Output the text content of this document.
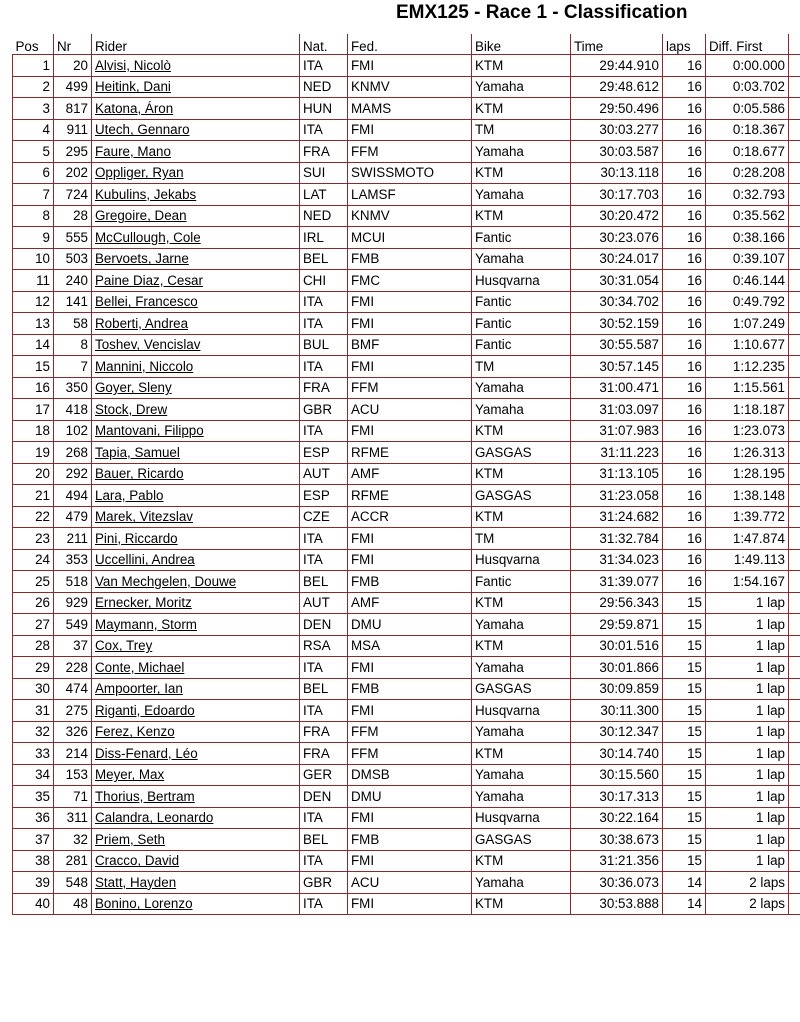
EMX125 - Race 1 - Classification
Pos	Nr	Rider	Nat.	Fed.	Bike	Time	laps	Diff. First	
1	20	Alvisi, Nicolò	ITA	FMI	KTM	29:44.910	16	0:00.000	
2	499	Heitink, Dani	NED	KNMV	Yamaha	29:48.612	16	0:03.702	
3	817	Katona, Áron	HUN	MAMS	KTM	29:50.496	16	0:05.586	
4	911	Utech, Gennaro	ITA	FMI	TM	30:03.277	16	0:18.367	
5	295	Faure, Mano	FRA	FFM	Yamaha	30:03.587	16	0:18.677	
6	202	Oppliger, Ryan	SUI	SWISSMOTO	KTM	30:13.118	16	0:28.208	
7	724	Kubulins, Jekabs	LAT	LAMSF	Yamaha	30:17.703	16	0:32.793	
8	28	Gregoire, Dean	NED	KNMV	KTM	30:20.472	16	0:35.562	
9	555	McCullough, Cole	IRL	MCUI	Fantic	30:23.076	16	0:38.166	
10	503	Bervoets, Jarne	BEL	FMB	Yamaha	30:24.017	16	0:39.107	
11	240	Paine Diaz, Cesar	CHI	FMC	Husqvarna	30:31.054	16	0:46.144	
12	141	Bellei, Francesco	ITA	FMI	Fantic	30:34.702	16	0:49.792	
13	58	Roberti, Andrea	ITA	FMI	Fantic	30:52.159	16	1:07.249	
14	8	Toshev, Vencislav	BUL	BMF	Fantic	30:55.587	16	1:10.677	
15	7	Mannini, Niccolo	ITA	FMI	TM	30:57.145	16	1:12.235	
16	350	Goyer, Sleny	FRA	FFM	Yamaha	31:00.471	16	1:15.561	
17	418	Stock, Drew	GBR	ACU	Yamaha	31:03.097	16	1:18.187	
18	102	Mantovani, Filippo	ITA	FMI	KTM	31:07.983	16	1:23.073	
19	268	Tapia, Samuel	ESP	RFME	GASGAS	31:11.223	16	1:26.313	
20	292	Bauer, Ricardo	AUT	AMF	KTM	31:13.105	16	1:28.195	
21	494	Lara, Pablo	ESP	RFME	GASGAS	31:23.058	16	1:38.148	
22	479	Marek, Vitezslav	CZE	ACCR	KTM	31:24.682	16	1:39.772	
23	211	Pini, Riccardo	ITA	FMI	TM	31:32.784	16	1:47.874	
24	353	Uccellini, Andrea	ITA	FMI	Husqvarna	31:34.023	16	1:49.113	
25	518	Van Mechgelen, Douwe	BEL	FMB	Fantic	31:39.077	16	1:54.167	
26	929	Ernecker, Moritz	AUT	AMF	KTM	29:56.343	15	1 lap	
27	549	Maymann, Storm	DEN	DMU	Yamaha	29:59.871	15	1 lap	
28	37	Cox, Trey	RSA	MSA	KTM	30:01.516	15	1 lap	
29	228	Conte, Michael	ITA	FMI	Yamaha	30:01.866	15	1 lap	
30	474	Ampoorter, Ian	BEL	FMB	GASGAS	30:09.859	15	1 lap	
31	275	Riganti, Edoardo	ITA	FMI	Husqvarna	30:11.300	15	1 lap	
32	326	Ferez, Kenzo	FRA	FFM	Yamaha	30:12.347	15	1 lap	
33	214	Diss-Fenard, Léo	FRA	FFM	KTM	30:14.740	15	1 lap	
34	153	Meyer, Max	GER	DMSB	Yamaha	30:15.560	15	1 lap	
35	71	Thorius, Bertram	DEN	DMU	Yamaha	30:17.313	15	1 lap	
36	311	Calandra, Leonardo	ITA	FMI	Husqvarna	30:22.164	15	1 lap	
37	32	Priem, Seth	BEL	FMB	GASGAS	30:38.673	15	1 lap	
38	281	Cracco, David	ITA	FMI	KTM	31:21.356	15	1 lap	
39	548	Statt, Hayden	GBR	ACU	Yamaha	30:36.073	14	2 laps	
40	48	Bonino, Lorenzo	ITA	FMI	KTM	30:53.888	14	2 laps	
